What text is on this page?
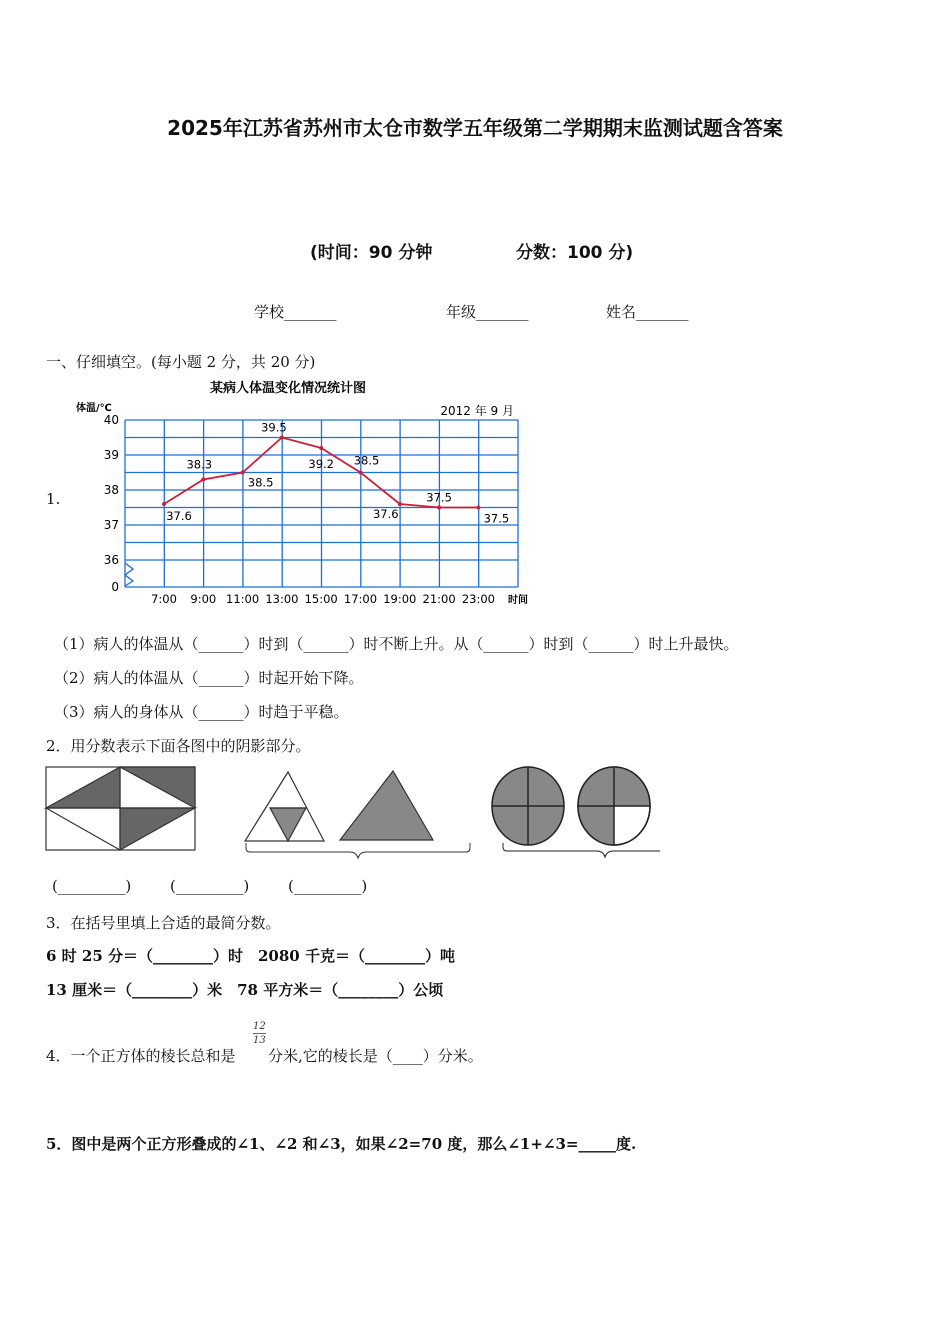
2025年江苏省苏州市太仓市数学五年级第二学期期末监测试题含答案
(时间：90 分钟	分数：100 分)
学校_______	年级_______	姓名_______
一、仔细填空。(每小题 2 分，共 20 分)
1.
某病人体温变化情况统计图
体温/℃	2012 年 9 月
时间
40
39
38
37
36
0
7:00 9:00 11:00 13:00 15:00 17:00 19:00 21:00 23:00
37.6
38.3
38.5
39.5
39.2 38.5
37.6
37.5
37.5
（1）病人的体温从（______）时到（______）时不断上升。从（______）时到（______）时上升最快。
（2）病人的体温从（______）时起开始下降。
（3）病人的身体从（______）时趋于平稳。
2．用分数表示下面各图中的阴影部分。
(_________)	(_________)	(_________)
3．在括号里填上合适的最简分数。
6 时 25 分＝（________）时　2080 千克＝（________）吨
13 厘米＝（________）米　78 平方米＝（________）公顷
4．一个正方体的棱长总和是
$\frac{12}{13}$
分米,它的棱长是（____）分米。
5．图中是两个正方形叠成的∠1、∠2 和∠3，如果∠2=70 度，那么∠1+∠3=_____度.
